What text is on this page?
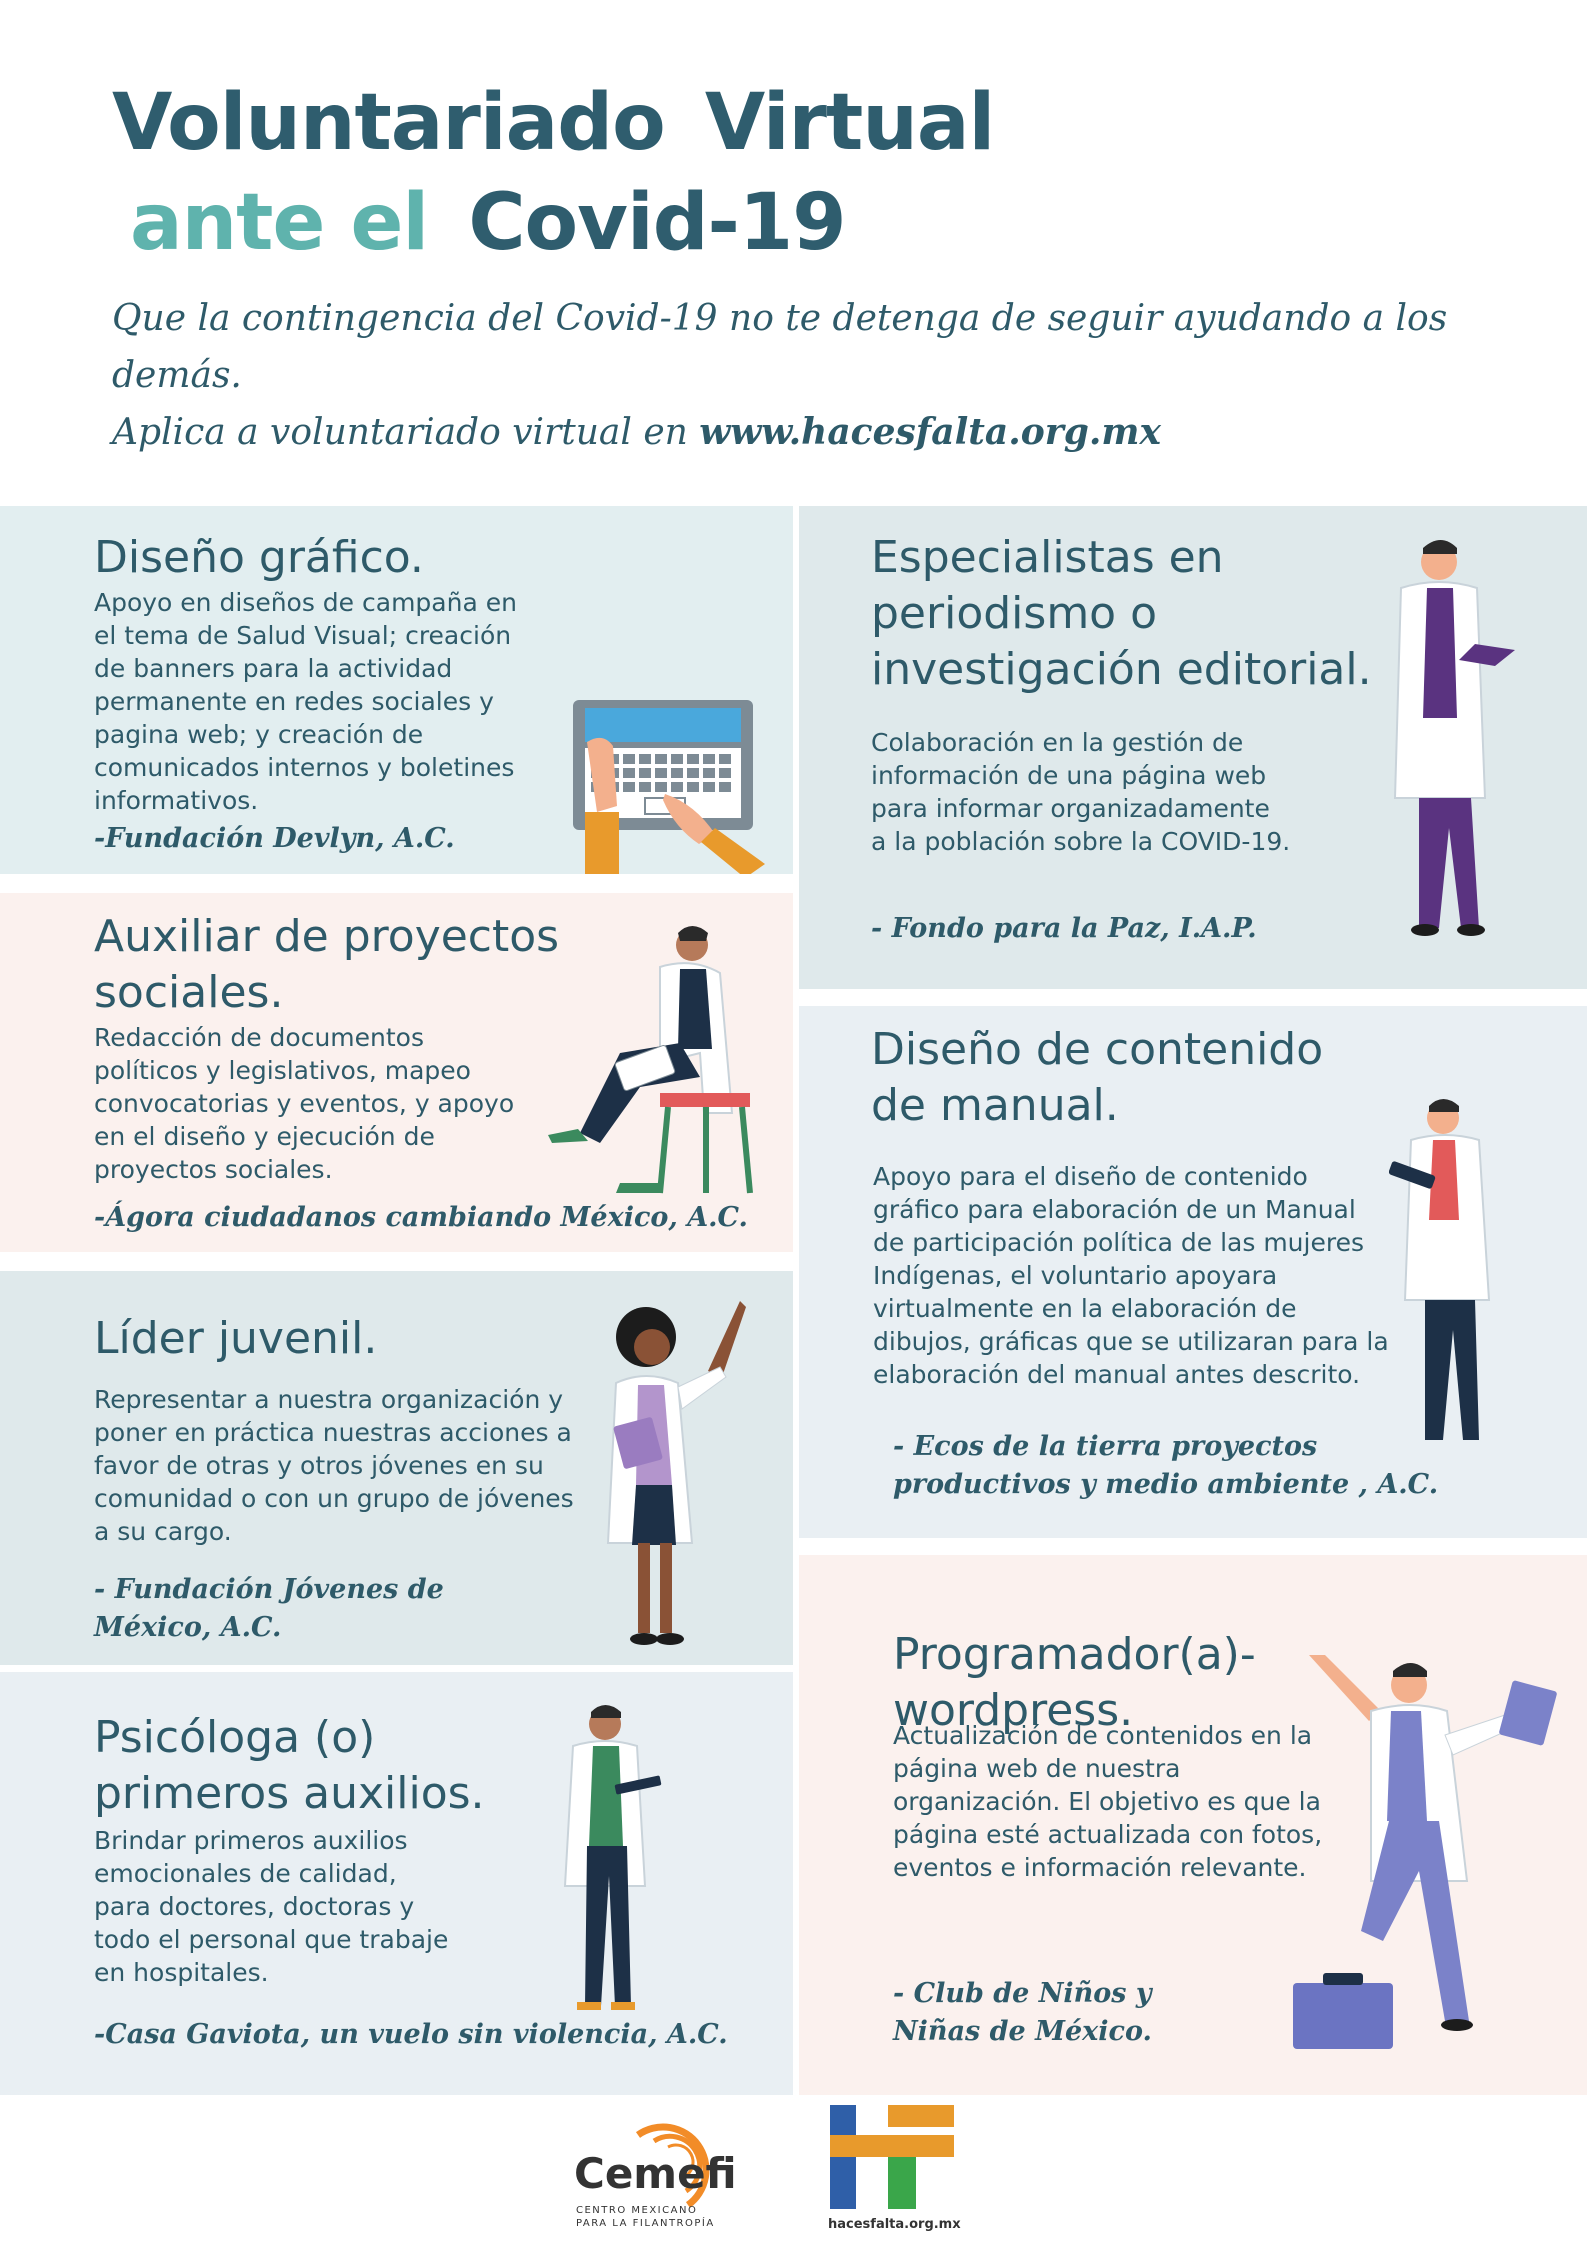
Voluntariado Virtual
ante el Covid-19
Que la contingencia del Covid-19 no te detenga de seguir ayudando a los demás.
Aplica a voluntariado virtual en www.hacesfalta.org.mx
Diseño gráfico.

Apoyo en diseños de campaña en el tema de Salud Visual; creación de banners para la actividad permanente en redes sociales y pagina web; y creación de comunicados internos y boletines informativos.

-Fundación Devlyn, A.C.

Auxiliar de proyectos sociales.

Redacción de documentos políticos y legislativos, mapeo convocatorias y eventos, y apoyo en el diseño y ejecución de proyectos sociales.

-Ágora ciudadanos cambiando México, A.C.

Líder juvenil.

Representar a nuestra organización y poner en práctica nuestras acciones a favor de otras y otros jóvenes en su comunidad o con un grupo de jóvenes a su cargo.

- Fundación Jóvenes de México, A.C.

Psicóloga (o) primeros auxilios.

Brindar primeros auxilios emocionales de calidad, para doctores, doctoras y todo el personal que trabaje en hospitales.

-Casa Gaviota, un vuelo sin violencia, A.C.

Especialistas en periodismo o investigación editorial.

Colaboración en la gestión de información de una página web para informar organizadamente a la población sobre la COVID-19.

- Fondo para la Paz, I.A.P.

Diseño de contenido de manual.

Apoyo para el diseño de contenido gráfico para elaboración de un Manual de participación política de las mujeres Indígenas, el voluntario apoyara virtualmente en la elaboración de dibujos, gráficas que se utilizaran para la elaboración del manual antes descrito.

- Ecos de la tierra proyectos productivos y medio ambiente , A.C.

Programador(a)-wordpress.

Actualización de contenidos en la página web de nuestra organización. El objetivo es que la página esté actualizada con fotos, eventos e información relevante.

- Club de Niños y Niñas de México.

Cemefi
CENTRO MEXICANO
PARA LA FILANTROPÍA	hacesfalta.org.mx
